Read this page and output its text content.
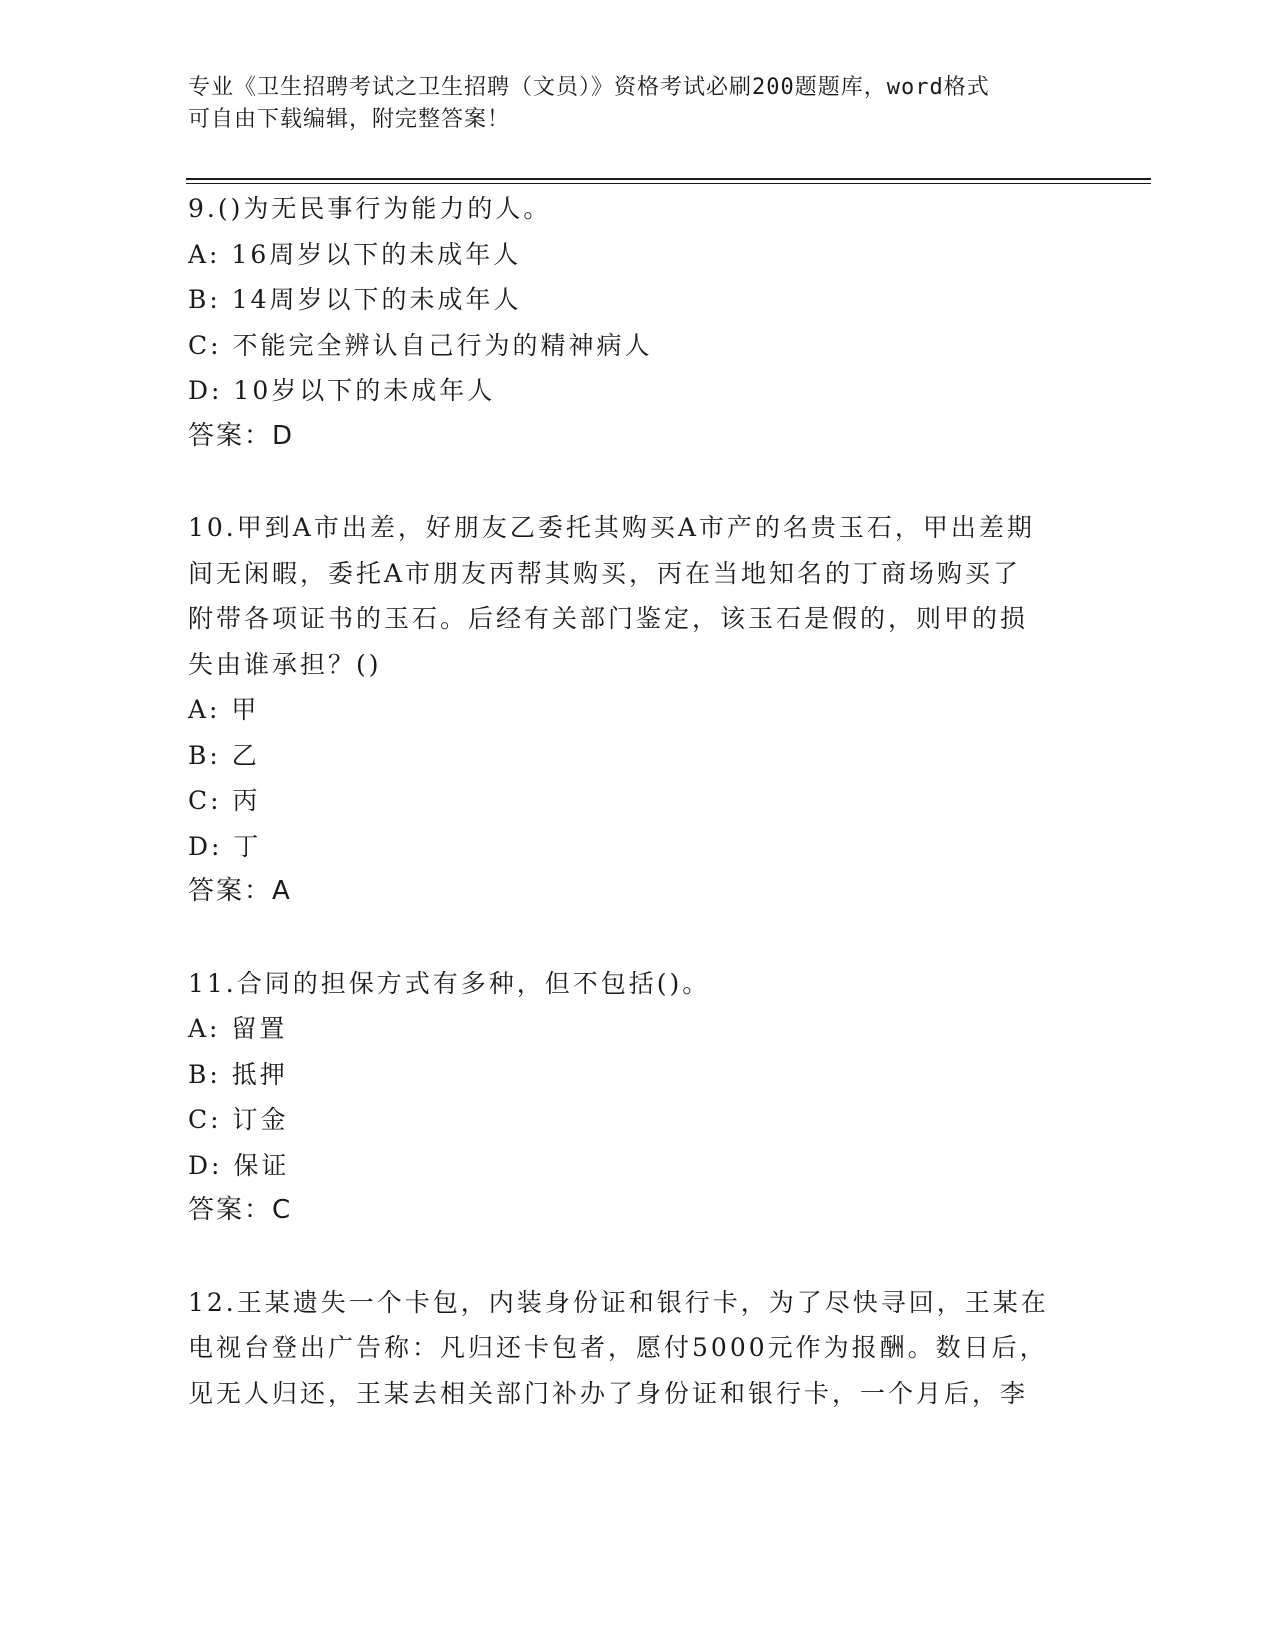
专业《卫生招聘考试之卫生招聘（文员）》资格考试必刷200题题库，word格式
可自由下载编辑，附完整答案！
9.()为无民事行为能力的人。
A: 16周岁以下的未成年人
B: 14周岁以下的未成年人
C: 不能完全辨认自己行为的精神病人
D: 10岁以下的未成年人
答案：D
10.甲到A市出差，好朋友乙委托其购买A市产的名贵玉石，甲出差期
间无闲暇，委托A市朋友丙帮其购买，丙在当地知名的丁商场购买了
附带各项证书的玉石。后经有关部门鉴定，该玉石是假的，则甲的损
失由谁承担？()
A: 甲
B: 乙
C: 丙
D: 丁
答案：A
11.合同的担保方式有多种，但不包括()。
A: 留置
B: 抵押
C: 订金
D: 保证
答案：C
12.王某遗失一个卡包，内装身份证和银行卡，为了尽快寻回，王某在
电视台登出广告称：凡归还卡包者，愿付5000元作为报酬。数日后，
见无人归还，王某去相关部门补办了身份证和银行卡，一个月后，李
